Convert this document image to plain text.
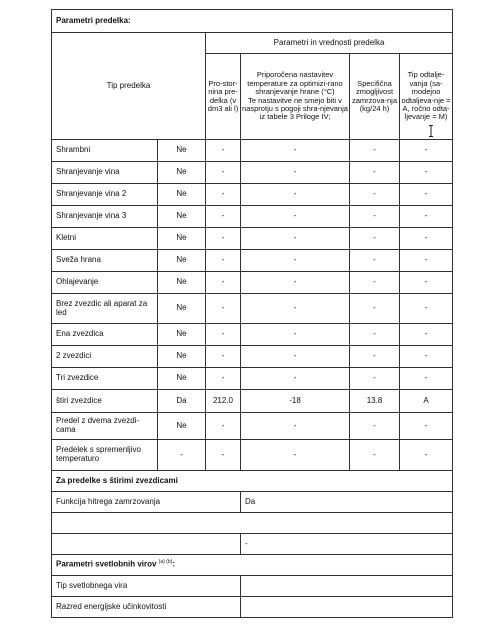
Parametri predelka:					
Tip predelka		Parametri in vrednosti predelka			
		Pro-stor-nina pre-delka (v dm3 ali l)	Priporočena nastavitev temperature za optimizi-rano shranjevanje hrane (°C)
Te nastavitve ne smejo biti v nasprotju s pogoji shra-njevanja iz tabele 3 Priloge IV;	Specifična zmogljivost zamrzova-nja (kg/24 h)	Tip odtalje-vanja (sa-modejno odtaljeva-nje = A, ročno odta-ljevanje = M)
Shrambni	Ne	-	-	-	-
Shranjevanje vina	Ne	-	-	-	-
Shranjevanje vina 2	Ne	-	-	-	-
Shranjevanje vina 3	Ne	-	-	-	-
Kletni	Ne	-	-	-	-
Sveža hrana	Ne	-	-	-	-
Ohlajevanje	Ne	-	-	-	-
Brez zvezdic ali aparat za led	Ne	-	-	-	-
Ena zvezdica	Ne	-	-	-	-
2 zvezdici	Ne	-	-	-	-
Tri zvezdice	Ne	-	-	-	-
štiri zvezdice	Da	212.0	-18	13.8	A
Predel z dvema zvezdi-cama	Ne	-	-	-	-
Predelek s spremenljivo temperaturo	-	-	-	-	-
Za predelke s štirimi zvezdicami					
Funkcija hitrega zamrzovanja			Da		

			-		
Parametri svetlobnih virov $^{(a) (b)}$:					
Tip svetlobnega vira					
Razred energijske učinkovitosti					
